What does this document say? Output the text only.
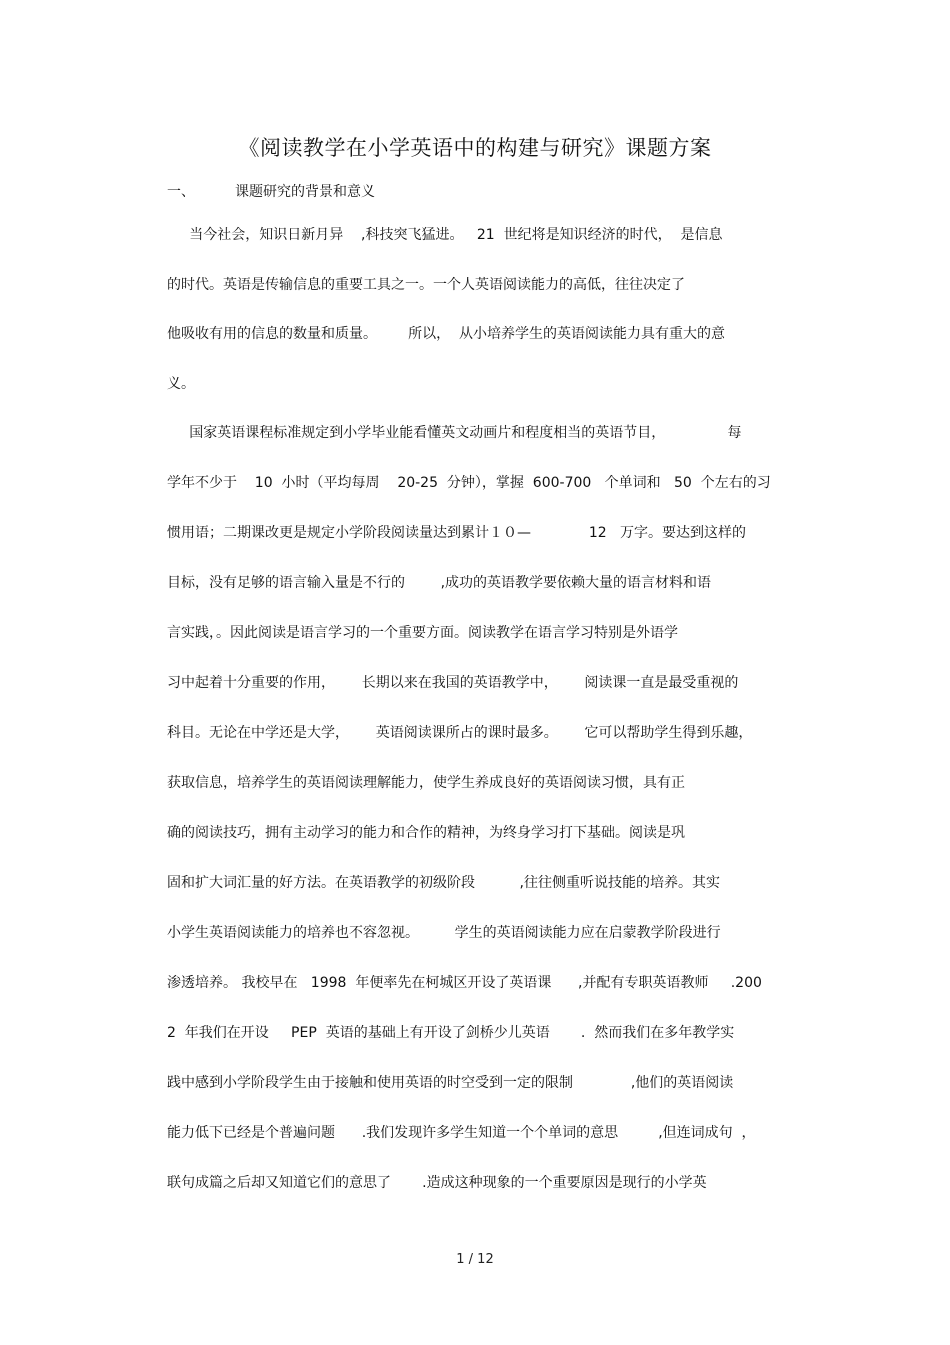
《阅读教学在小学英语中的构建与研究》课题方案
一、	课题研究的背景和意义
当今社会，知识日新月异    ,科技突飞猛进。   21  世纪将是知识经济的时代，  是信息
的时代。英语是传输信息的重要工具之一。一个人英语阅读能力的高低，往往决定了
他吸收有用的信息的数量和质量。       所以，  从小培养学生的英语阅读能力具有重大的意
义。
国家英语课程标准规定到小学毕业能看懂英文动画片和程度相当的英语节目，              每
学年不少于    10  小时（平均每周    20-25  分钟），掌握  600-700   个单词和   50  个左右的习
惯用语；二期课改更是规定小学阶段阅读量达到累计１０—             12   万字。要达到这样的
目标，没有足够的语言输入量是不行的        ,成功的英语教学要依赖大量的语言材料和语
言实践，。因此阅读是语言学习的一个重要方面。阅读教学在语言学习特别是外语学
习中起着十分重要的作用，      长期以来在我国的英语教学中，      阅读课一直是最受重视的
科目。无论在中学还是大学，      英语阅读课所占的课时最多。      它可以帮助学生得到乐趣，
获取信息，培养学生的英语阅读理解能力，使学生养成良好的英语阅读习惯，具有正
确的阅读技巧，拥有主动学习的能力和合作的精神，为终身学习打下基础。阅读是巩
固和扩大词汇量的好方法。在英语教学的初级阶段          ,往往侧重听说技能的培养。其实
小学生英语阅读能力的培养也不容忽视。        学生的英语阅读能力应在启蒙教学阶段进行
渗透培养。 我校早在   1998  年便率先在柯城区开设了英语课      ,并配有专职英语教师     .200
2  年我们在开设     PEP  英语的基础上有开设了剑桥少儿英语       .  然而我们在多年教学实
践中感到小学阶段学生由于接触和使用英语的时空受到一定的限制             ,他们的英语阅读
能力低下已经是个普遍问题      .我们发现许多学生知道一个个单词的意思         ,但连词成句  ，
联句成篇之后却又知道它们的意思了       .造成这种现象的一个重要原因是现行的小学英
1 / 12
